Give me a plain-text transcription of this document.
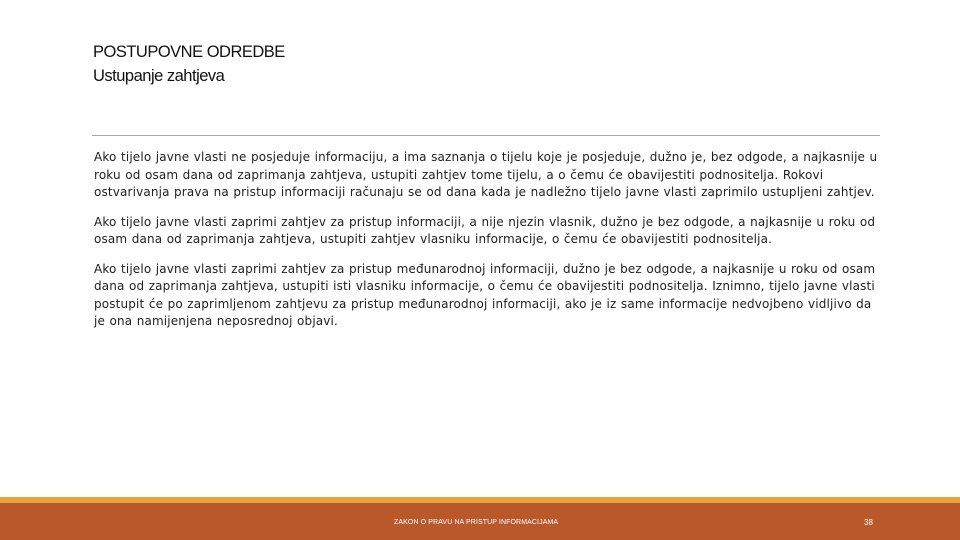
POSTUPOVNE ODREDBE
Ustupanje zahtjeva

Ako tijelo javne vlasti ne posjeduje informaciju, a ima saznanja o tijelu koje je posjeduje, dužno je, bez odgode, a najkasnije u roku od osam dana od zaprimanja zahtjeva, ustupiti zahtjev tome tijelu, a o čemu će obavijestiti podnositelja. Rokovi ostvarivanja prava na pristup informaciji računaju se od dana kada je nadležno tijelo javne vlasti zaprimilo ustupljeni zahtjev.

Ako tijelo javne vlasti zaprimi zahtjev za pristup informaciji, a nije njezin vlasnik, dužno je bez odgode, a najkasnije u roku od osam dana od zaprimanja zahtjeva, ustupiti zahtjev vlasniku informacije, o čemu će obavijestiti podnositelja.

Ako tijelo javne vlasti zaprimi zahtjev za pristup međunarodnoj informaciji, dužno je bez odgode, a najkasnije u roku od osam dana od zaprimanja zahtjeva, ustupiti isti vlasniku informacije, o čemu će obavijestiti podnositelja. Iznimno, tijelo javne vlasti postupit će po zaprimljenom zahtjevu za pristup međunarodnoj informaciji, ako je iz same informacije nedvojbeno vidljivo da je ona namijenjena neposrednoj objavi.

ZAKON O PRAVU NA PRISTUP INFORMACIJAMA	38
